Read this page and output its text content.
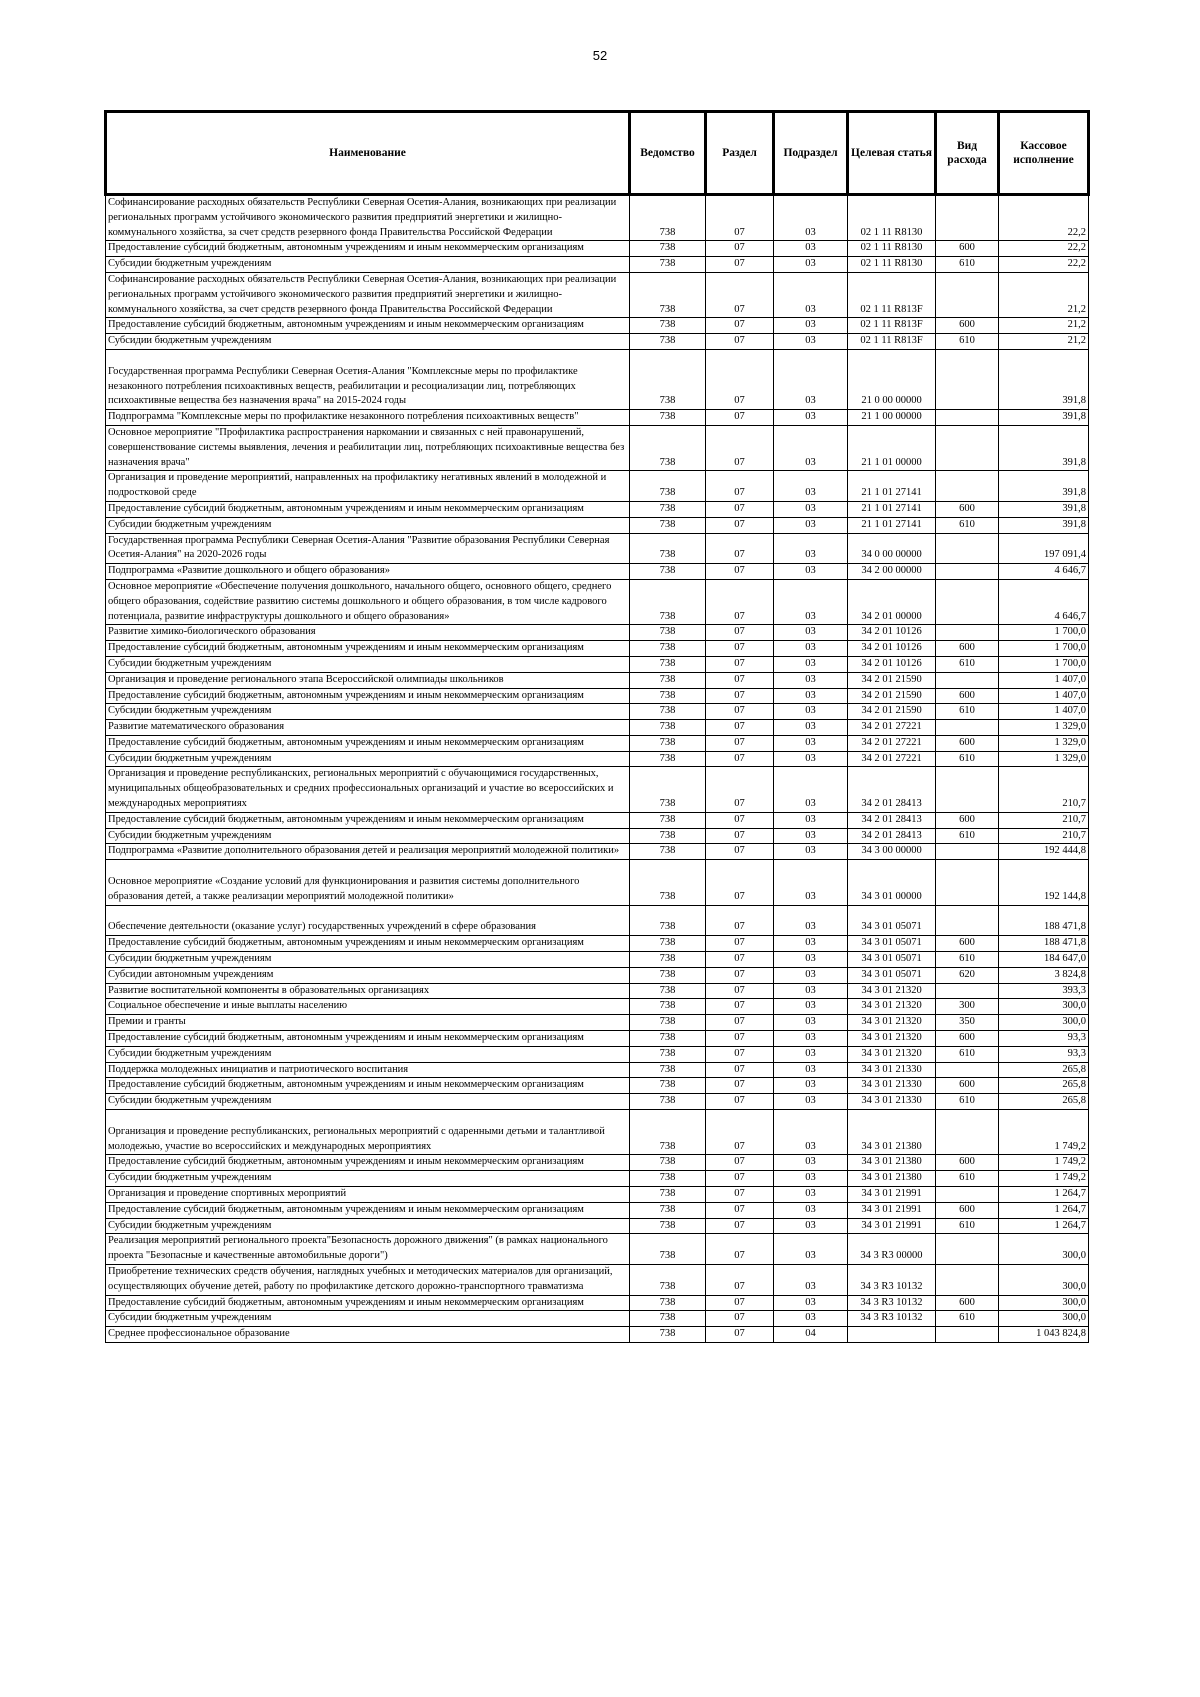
52
Наименование	Ведомство	Раздел	Подраздел	Целевая статья	Вид расхода	Кассовое исполнение
Софинансирование расходных обязательств Республики Северная Осетия-Алания, возникающих при реализации региональных программ устойчивого экономического развития предприятий энергетики и жилищно-коммунального хозяйства, за счет средств резервного фонда Правительства Российской Федерации	738	07	03	02 1 11 R8130		22,2
Предоставление субсидий бюджетным, автономным учреждениям и иным некоммерческим организациям	738	07	03	02 1 11 R8130	600	22,2
Субсидии бюджетным учреждениям	738	07	03	02 1 11 R8130	610	22,2
Софинансирование расходных обязательств Республики Северная Осетия-Алания, возникающих при реализации региональных программ устойчивого экономического развития предприятий энергетики и жилищно-коммунального хозяйства, за счет средств резервного фонда Правительства Российской Федерации	738	07	03	02 1 11 R813F		21,2
Предоставление субсидий бюджетным, автономным учреждениям и иным некоммерческим организациям	738	07	03	02 1 11 R813F	600	21,2
Субсидии бюджетным учреждениям	738	07	03	02 1 11 R813F	610	21,2
Государственная программа Республики Северная Осетия-Алания "Комплексные меры по профилактике незаконного потребления психоактивных веществ, реабилитации и ресоциализации лиц, потребляющих психоактивные вещества без назначения врача" на 2015-2024 годы	738	07	03	21 0 00 00000		391,8
Подпрограмма "Комплексные меры по профилактике незаконного потребления психоактивных веществ"	738	07	03	21 1 00 00000		391,8
Основное мероприятие "Профилактика распространения наркомании и связанных с ней правонарушений, совершенствование системы выявления, лечения и реабилитации лиц, потребляющих психоактивные вещества без назначения врача"	738	07	03	21 1 01 00000		391,8
Организация и проведение мероприятий, направленных на профилактику негативных явлений в молодежной и подростковой среде	738	07	03	21 1 01 27141		391,8
Предоставление субсидий бюджетным, автономным учреждениям и иным некоммерческим организациям	738	07	03	21 1 01 27141	600	391,8
Субсидии бюджетным учреждениям	738	07	03	21 1 01 27141	610	391,8
Государственная программа Республики Северная Осетия-Алания "Развитие образования Республики Северная Осетия-Алания" на 2020-2026 годы	738	07	03	34 0 00 00000		197 091,4
Подпрограмма «Развитие дошкольного и общего образования»	738	07	03	34 2 00 00000		4 646,7
Основное мероприятие «Обеспечение получения дошкольного, начального общего, основного общего, среднего общего образования, содействие развитию системы дошкольного и общего образования, в том числе кадрового потенциала, развитие инфраструктуры дошкольного и общего образования»	738	07	03	34 2 01 00000		4 646,7
Развитие химико-биологического образования	738	07	03	34 2 01 10126		1 700,0
Предоставление субсидий бюджетным, автономным учреждениям и иным некоммерческим организациям	738	07	03	34 2 01 10126	600	1 700,0
Субсидии бюджетным учреждениям	738	07	03	34 2 01 10126	610	1 700,0
Организация и проведение регионального этапа Всероссийской олимпиады школьников	738	07	03	34 2 01 21590		1 407,0
Предоставление субсидий бюджетным, автономным учреждениям и иным некоммерческим организациям	738	07	03	34 2 01 21590	600	1 407,0
Субсидии бюджетным учреждениям	738	07	03	34 2 01 21590	610	1 407,0
Развитие математического образования	738	07	03	34 2 01 27221		1 329,0
Предоставление субсидий бюджетным, автономным учреждениям и иным некоммерческим организациям	738	07	03	34 2 01 27221	600	1 329,0
Субсидии бюджетным учреждениям	738	07	03	34 2 01 27221	610	1 329,0
Организация и проведение республиканских, региональных мероприятий с обучающимися государственных, муниципальных общеобразовательных и средних профессиональных организаций и участие во всероссийских и международных мероприятиях	738	07	03	34 2 01 28413		210,7
Предоставление субсидий бюджетным, автономным учреждениям и иным некоммерческим организациям	738	07	03	34 2 01 28413	600	210,7
Субсидии бюджетным учреждениям	738	07	03	34 2 01 28413	610	210,7
Подпрограмма «Развитие дополнительного образования детей и реализация мероприятий молодежной политики»	738	07	03	34 3 00 00000		192 444,8
Основное мероприятие «Создание условий для функционирования и развития системы дополнительного образования детей, а также реализации мероприятий молодежной политики»	738	07	03	34 3 01 00000		192 144,8
Обеспечение деятельности (оказание услуг) государственных учреждений в сфере образования	738	07	03	34 3 01 05071		188 471,8
Предоставление субсидий бюджетным, автономным учреждениям и иным некоммерческим организациям	738	07	03	34 3 01 05071	600	188 471,8
Субсидии бюджетным учреждениям	738	07	03	34 3 01 05071	610	184 647,0
Субсидии автономным учреждениям	738	07	03	34 3 01 05071	620	3 824,8
Развитие воспитательной компоненты в образовательных организациях	738	07	03	34 3 01 21320		393,3
Социальное обеспечение и иные выплаты населению	738	07	03	34 3 01 21320	300	300,0
Премии и гранты	738	07	03	34 3 01 21320	350	300,0
Предоставление субсидий бюджетным, автономным учреждениям и иным некоммерческим организациям	738	07	03	34 3 01 21320	600	93,3
Субсидии бюджетным учреждениям	738	07	03	34 3 01 21320	610	93,3
Поддержка молодежных инициатив и патриотического воспитания	738	07	03	34 3 01 21330		265,8
Предоставление субсидий бюджетным, автономным учреждениям и иным некоммерческим организациям	738	07	03	34 3 01 21330	600	265,8
Субсидии бюджетным учреждениям	738	07	03	34 3 01 21330	610	265,8
Организация и проведение республиканских, региональных мероприятий с одаренными детьми и талантливой молодежью, участие во всероссийских и международных мероприятиях	738	07	03	34 3 01 21380		1 749,2
Предоставление субсидий бюджетным, автономным учреждениям и иным некоммерческим организациям	738	07	03	34 3 01 21380	600	1 749,2
Субсидии бюджетным учреждениям	738	07	03	34 3 01 21380	610	1 749,2
Организация и проведение спортивных мероприятий	738	07	03	34 3 01 21991		1 264,7
Предоставление субсидий бюджетным, автономным учреждениям и иным некоммерческим организациям	738	07	03	34 3 01 21991	600	1 264,7
Субсидии бюджетным учреждениям	738	07	03	34 3 01 21991	610	1 264,7
Реализация мероприятий регионального проекта"Безопасность дорожного движения" (в рамках национального проекта "Безопасные и качественные автомобильные дороги")	738	07	03	34 3 R3 00000		300,0
Приобретение технических средств обучения, наглядных учебных и методических материалов для организаций, осуществляющих обучение детей, работу по профилактике детского дорожно-транспортного травматизма	738	07	03	34 3 R3 10132		300,0
Предоставление субсидий бюджетным, автономным учреждениям и иным некоммерческим организациям	738	07	03	34 3 R3 10132	600	300,0
Субсидии бюджетным учреждениям	738	07	03	34 3 R3 10132	610	300,0
Среднее профессиональное образование	738	07	04			1 043 824,8
